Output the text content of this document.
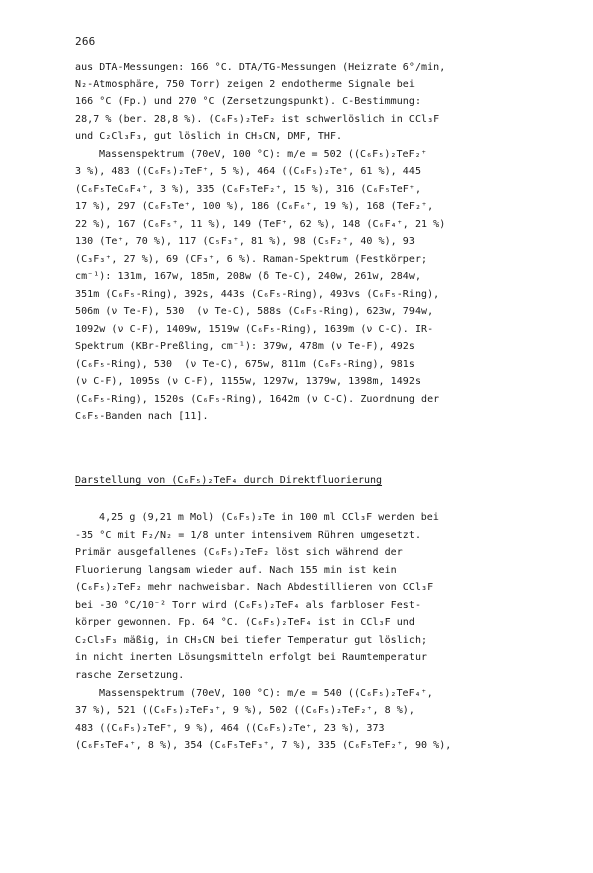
266
aus DTA-Messungen: 166 °C. DTA/TG-Messungen (Heizrate 6°/min,
N₂-Atmosphäre, 750 Torr) zeigen 2 endotherme Signale bei
166 °C (Fp.) und 270 °C (Zersetzungspunkt). C-Bestimmung:
28,7 % (ber. 28,8 %). (C₆F₅)₂TeF₂ ist schwerlöslich in CCl₃F
und C₂Cl₃F₃, gut löslich in CH₃CN, DMF, THF.
Massenspektrum (70eV, 100 °C): m/e = 502 ((C₆F₅)₂TeF₂⁺
3 %), 483 ((C₆F₅)₂TeF⁺, 5 %), 464 ((C₆F₅)₂Te⁺, 61 %), 445
(C₆F₅TeC₆F₄⁺, 3 %), 335 (C₆F₅TeF₂⁺, 15 %), 316 (C₆F₅TeF⁺,
17 %), 297 (C₆F₅Te⁺, 100 %), 186 (C₆F₆⁺, 19 %), 168 (TeF₂⁺,
22 %), 167 (C₆F₅⁺, 11 %), 149 (TeF⁺, 62 %), 148 (C₆F₄⁺, 21 %)
130 (Te⁺, 70 %), 117 (C₅F₃⁺, 81 %), 98 (C₅F₂⁺, 40 %), 93
(C₃F₃⁺, 27 %), 69 (CF₃⁺, 6 %). Raman-Spektrum (Festkörper;
cm⁻¹): 131m, 167w, 185m, 208w (δ Te-C), 240w, 261w, 284w,
351m (C₆F₅-Ring), 392s, 443s (C₆F₅-Ring), 493vs (C₆F₅-Ring),
506m (ν Te-F), 530  (ν Te-C), 588s (C₆F₅-Ring), 623w, 794w,
1092w (ν C-F), 1409w, 1519w (C₆F₅-Ring), 1639m (ν C-C). IR-
Spektrum (KBr-Preßling, cm⁻¹): 379w, 478m (ν Te-F), 492s
(C₆F₅-Ring), 530  (ν Te-C), 675w, 811m (C₆F₅-Ring), 981s
(ν C-F), 1095s (ν C-F), 1155w, 1297w, 1379w, 1398m, 1492s
(C₆F₅-Ring), 1520s (C₆F₅-Ring), 1642m (ν C-C). Zuordnung der
C₆F₅-Banden nach [11].
Darstellung von (C₆F₅)₂TeF₄ durch Direktfluorierung
4,25 g (9,21 m Mol) (C₆F₅)₂Te in 100 ml CCl₃F werden bei
-35 °C mit F₂/N₂ = 1/8 unter intensivem Rühren umgesetzt.
Primär ausgefallenes (C₆F₅)₂TeF₂ löst sich während der
Fluorierung langsam wieder auf. Nach 155 min ist kein
(C₆F₅)₂TeF₂ mehr nachweisbar. Nach Abdestillieren von CCl₃F
bei -30 °C/10⁻² Torr wird (C₆F₅)₂TeF₄ als farbloser Fest-
körper gewonnen. Fp. 64 °C. (C₆F₅)₂TeF₄ ist in CCl₃F und
C₂Cl₃F₃ mäßig, in CH₃CN bei tiefer Temperatur gut löslich;
in nicht inerten Lösungsmitteln erfolgt bei Raumtemperatur
rasche Zersetzung.
Massenspektrum (70eV, 100 °C): m/e = 540 ((C₆F₅)₂TeF₄⁺,
37 %), 521 ((C₆F₅)₂TeF₃⁺, 9 %), 502 ((C₆F₅)₂TeF₂⁺, 8 %),
483 ((C₆F₅)₂TeF⁺, 9 %), 464 ((C₆F₅)₂Te⁺, 23 %), 373
(C₆F₅TeF₄⁺, 8 %), 354 (C₆F₅TeF₃⁺, 7 %), 335 (C₆F₅TeF₂⁺, 90 %),
